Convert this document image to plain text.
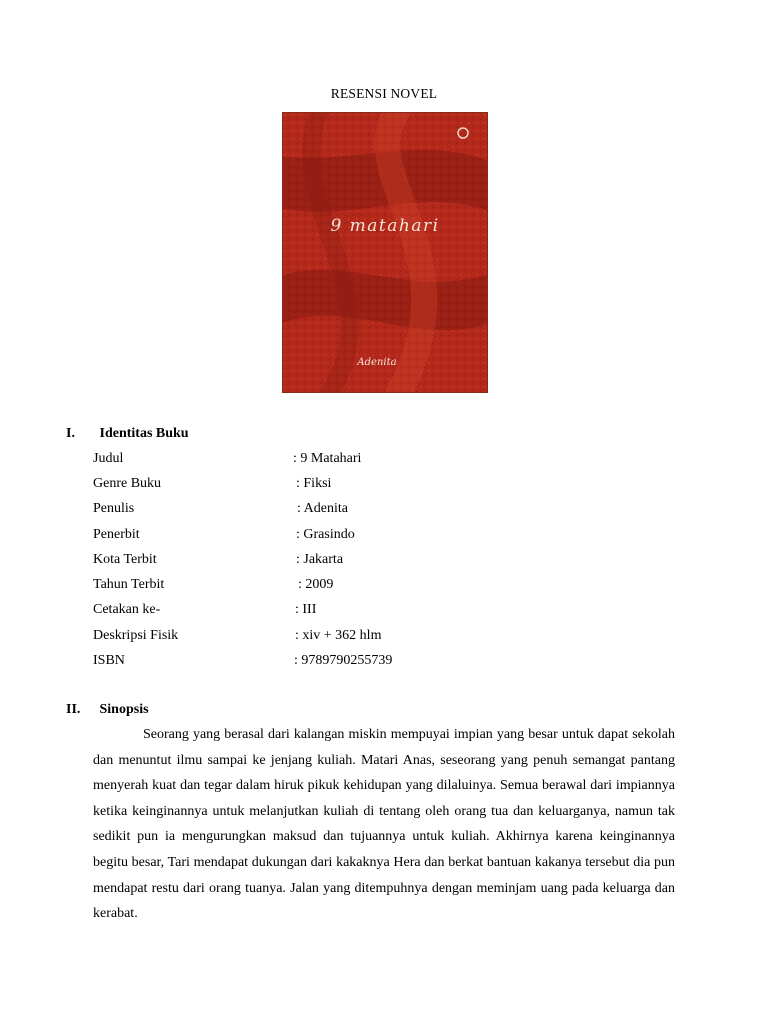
RESENSI NOVEL
9 matahari
Adenita
I. Identitas Buku
Judul	: 9 Matahari
Genre Buku	: Fiksi
Penulis	: Adenita
Penerbit	: Grasindo
Kota Terbit	: Jakarta
Tahun Terbit	: 2009
Cetakan ke-	: III
Deskripsi Fisik	: xiv + 362 hlm
ISBN	: 9789790255739
II. Sinopsis

Seorang yang berasal dari kalangan miskin mempuyai impian yang besar untuk dapat sekolah dan menuntut ilmu sampai ke jenjang kuliah. Matari Anas, seseorang yang penuh semangat pantang menyerah kuat dan tegar dalam hiruk pikuk kehidupan yang dilaluinya. Semua berawal dari impiannya ketika keinginannya untuk melanjutkan kuliah di tentang oleh orang tua dan keluarganya, namun tak sedikit pun ia mengurungkan maksud dan tujuannya untuk kuliah. Akhirnya karena keinginannya begitu besar, Tari mendapat dukungan dari kakaknya Hera dan berkat bantuan kakanya tersebut dia pun mendapat restu dari orang tuanya. Jalan yang ditempuhnya dengan meminjam uang pada keluarga dan kerabat.
